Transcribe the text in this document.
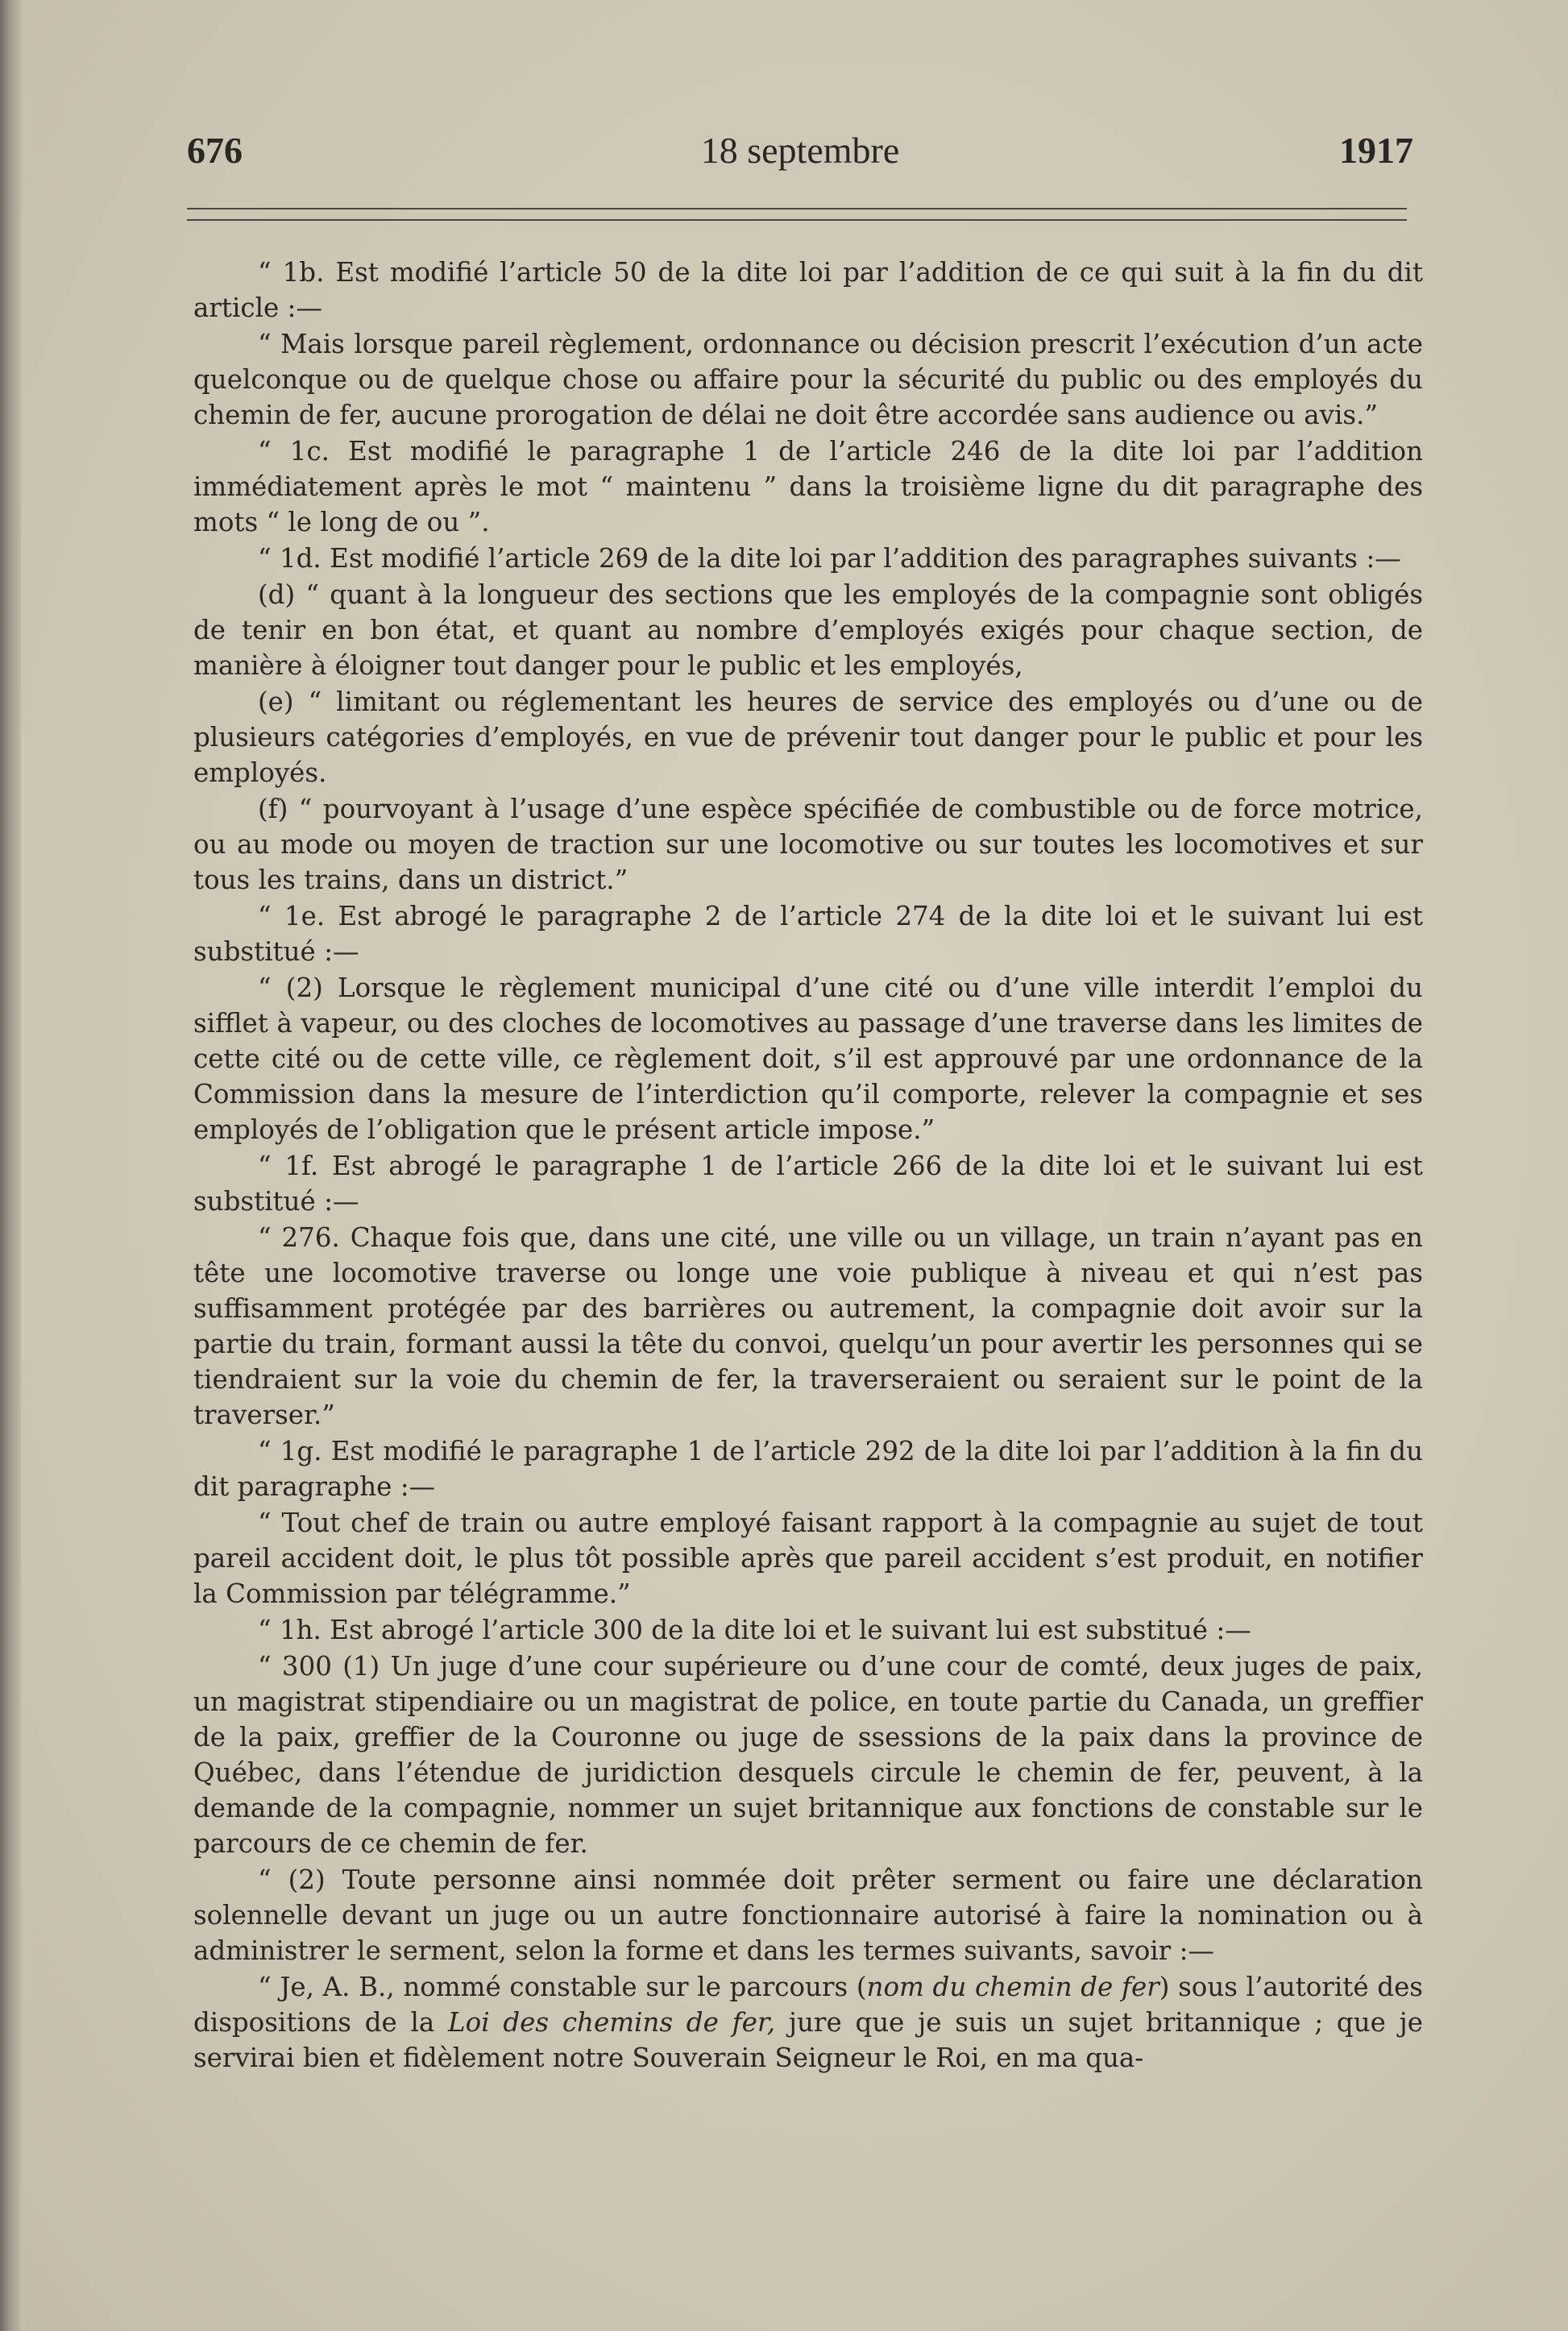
676	18 septembre	1917

“ 1b. Est modifié l’article 50 de la dite loi par l’addition de ce qui suit à la fin du dit article :—

“ Mais lorsque pareil règlement, ordonnance ou décision prescrit l’exécution d’un acte quelconque ou de quelque chose ou affaire pour la sécurité du public ou des employés du chemin de fer, aucune prorogation de délai ne doit être accordée sans audience ou avis.”

“ 1c. Est modifié le paragraphe 1 de l’article 246 de la dite loi par l’addition immédiatement après le mot “ maintenu ” dans la troisième ligne du dit paragraphe des mots “ le long de ou ”.

“ 1d. Est modifié l’article 269 de la dite loi par l’addition des paragraphes suivants :—

(d) “ quant à la longueur des sections que les employés de la compagnie sont obligés de tenir en bon état, et quant au nombre d’employés exigés pour chaque section, de manière à éloigner tout danger pour le public et les employés,

(e) “ limitant ou réglementant les heures de service des employés ou d’une ou de plusieurs catégories d’employés, en vue de prévenir tout danger pour le public et pour les employés.

(f) “ pourvoyant à l’usage d’une espèce spécifiée de combustible ou de force motrice, ou au mode ou moyen de traction sur une locomotive ou sur toutes les locomotives et sur tous les trains, dans un district.”

“ 1e. Est abrogé le paragraphe 2 de l’article 274 de la dite loi et le suivant lui est substitué :—

“ (2) Lorsque le règlement municipal d’une cité ou d’une ville interdit l’emploi du sifflet à vapeur, ou des cloches de locomotives au passage d’une traverse dans les limites de cette cité ou de cette ville, ce règlement doit, s’il est approuvé par une ordonnance de la Commission dans la mesure de l’interdiction qu’il comporte, relever la compagnie et ses employés de l’obligation que le présent article impose.”

“ 1f. Est abrogé le paragraphe 1 de l’article 266 de la dite loi et le suivant lui est substitué :—

“ 276. Chaque fois que, dans une cité, une ville ou un village, un train n’ayant pas en tête une locomotive traverse ou longe une voie publique à niveau et qui n’est pas suffisamment protégée par des barrières ou autrement, la compagnie doit avoir sur la partie du train, formant aussi la tête du convoi, quelqu’un pour avertir les personnes qui se tiendraient sur la voie du chemin de fer, la traverseraient ou seraient sur le point de la traverser.”

“ 1g. Est modifié le paragraphe 1 de l’article 292 de la dite loi par l’addition à la fin du dit paragraphe :—

“ Tout chef de train ou autre employé faisant rapport à la compagnie au sujet de tout pareil accident doit, le plus tôt possible après que pareil accident s’est produit, en notifier la Commission par télégramme.”

“ 1h. Est abrogé l’article 300 de la dite loi et le suivant lui est substitué :—

“ 300 (1) Un juge d’une cour supérieure ou d’une cour de comté, deux juges de paix, un magistrat stipendiaire ou un magistrat de police, en toute partie du Canada, un greffier de la paix, greffier de la Couronne ou juge de ssessions de la paix dans la province de Québec, dans l’étendue de juridiction desquels circule le chemin de fer, peuvent, à la demande de la compagnie, nommer un sujet britannique aux fonctions de constable sur le parcours de ce chemin de fer.

“ (2) Toute personne ainsi nommée doit prêter serment ou faire une déclaration solennelle devant un juge ou un autre fonctionnaire autorisé à faire la nomination ou à administrer le serment, selon la forme et dans les termes suivants, savoir :—

“ Je, A. B., nommé constable sur le parcours (nom du chemin de fer) sous l’autorité des dispositions de la Loi des chemins de fer, jure que je suis un sujet britannique ; que je servirai bien et fidèlement notre Souverain Seigneur le Roi, en ma qua-
